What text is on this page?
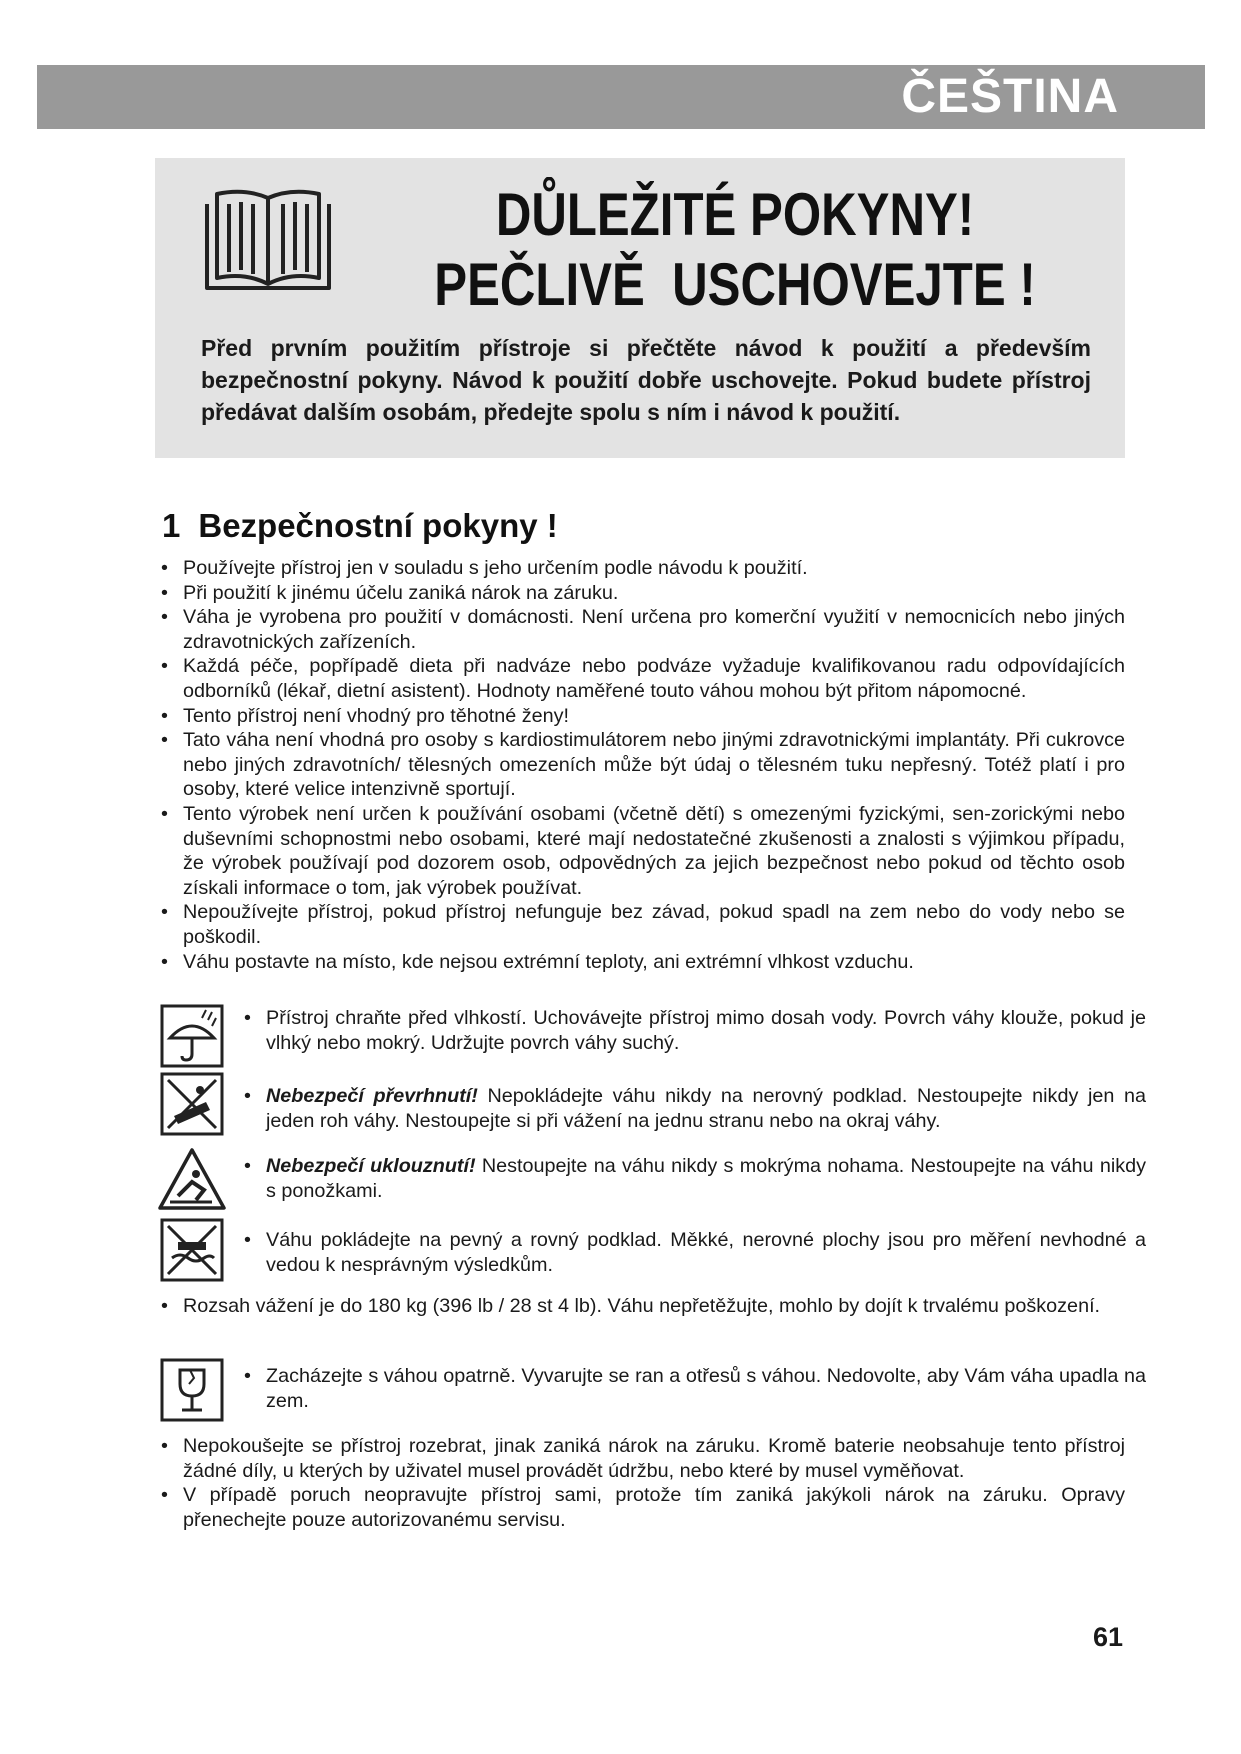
ČEŠTINA
DŮLEŽITÉ POKYNY!
PEČLIVĚ  USCHOVEJTE !
Před prvním použitím přístroje si přečtěte návod k použití a především bezpečnostní pokyny. Návod k použití dobře uschovejte. Pokud budete přístroj předávat dalším osobám, předejte spolu s ním i návod k použití.
1 Bezpečnostní pokyny !
• Používejte přístroj jen v souladu s jeho určením podle návodu k použití.
• Při použití k jinému účelu zaniká nárok na záruku.
• Váha je vyrobena pro použití v domácnosti. Není určena pro komerční využití v nemocnicích nebo jiných zdravotnických zařízeních.
• Každá péče, popřípadě dieta při nadváze nebo podváze vyžaduje kvalifikovanou radu odpovídajících odborníků (lékař, dietní asistent). Hodnoty naměřené touto váhou mohou být přitom nápomocné.
• Tento přístroj není vhodný pro těhotné ženy!
• Tato váha není vhodná pro osoby s kardiostimulátorem nebo jinými zdravotnickými implantáty. Při cukrovce nebo jiných zdravotních/ tělesných omezeních může být údaj o tělesném tuku nepřesný. Totéž platí i pro osoby, které velice intenzivně sportují.
• Tento výrobek není určen k používání osobami (včetně dětí) s omezenými fyzickými, sen-zorickými nebo duševními schopnostmi nebo osobami, které mají nedostatečné zkušenosti a znalosti s výjimkou případu, že výrobek používají pod dozorem osob, odpovědných za jejich bezpečnost nebo pokud od těchto osob získali informace o tom, jak výrobek používat.
• Nepoužívejte přístroj, pokud přístroj nefunguje bez závad, pokud spadl na zem nebo do vody nebo se poškodil.
• Váhu postavte na místo, kde nejsou extrémní teploty, ani extrémní vlhkost vzduchu.
• Přístroj chraňte před vlhkostí. Uchovávejte přístroj mimo dosah vody. Povrch váhy klouže, pokud je vlhký nebo mokrý. Udržujte povrch váhy suchý.
• Nebezpečí převrhnutí! Nepokládejte váhu nikdy na nerovný podklad. Nestoupejte nikdy jen na jeden roh váhy. Nestoupejte si při vážení na jednu stranu nebo na okraj váhy.
• Nebezpečí uklouznutí! Nestoupejte na váhu nikdy s mokrýma nohama. Nestoupejte na váhu nikdy s ponožkami.
• Váhu pokládejte na pevný a rovný podklad. Měkké, nerovné plochy jsou pro měření nevhodné a vedou k nesprávným výsledkům.
• Rozsah vážení je do 180 kg (396 lb / 28 st 4 lb). Váhu nepřetěžujte, mohlo by dojít k trvalému poškození.
• Zacházejte s váhou opatrně. Vyvarujte se ran a otřesů s váhou. Nedovolte, aby Vám váha upadla na zem.
• Nepokoušejte se přístroj rozebrat, jinak zaniká nárok na záruku. Kromě baterie neobsahuje tento přístroj žádné díly, u kterých by uživatel musel provádět údržbu, nebo které by musel vyměňovat.
• V případě poruch neopravujte přístroj sami, protože tím zaniká jakýkoli nárok na záruku. Opravy přenechejte pouze autorizovanému servisu.
61
